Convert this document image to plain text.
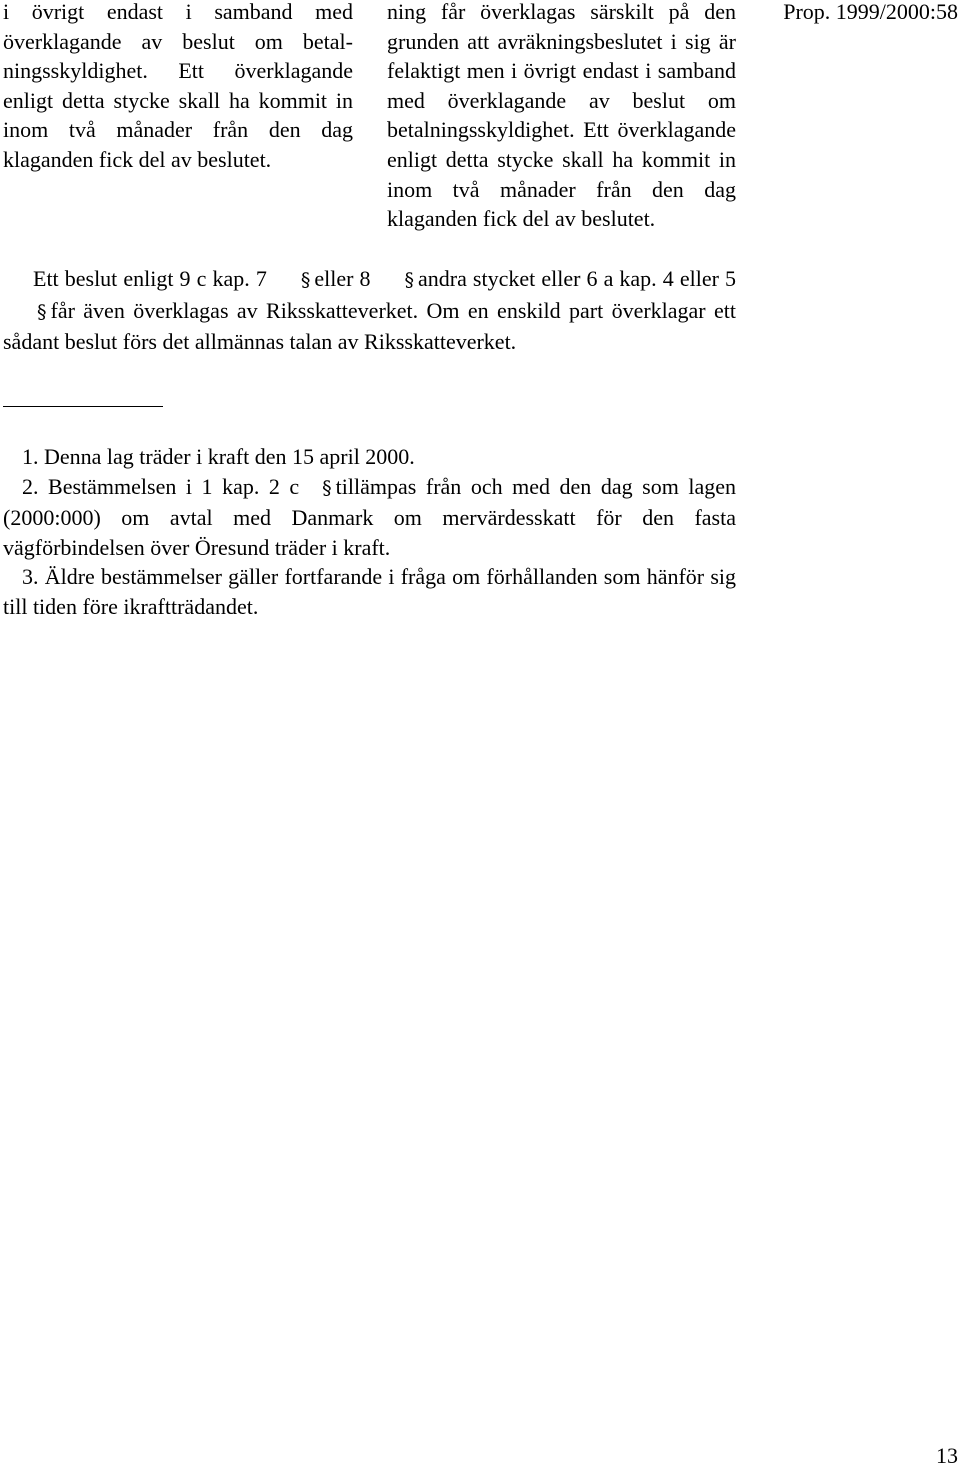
i övrigt endast i samband med överklagande av beslut om betal-ningsskyldighet. Ett överklagande enligt detta stycke skall ha kommit in inom två månader från den dag klaganden fick del av beslutet.
ning får överklagas särskilt på den grunden att avräkningsbeslutet i sig är felaktigt men i övrigt endast i samband med överklagande av beslut om betalningsskyldighet. Ett överklagande enligt detta stycke skall ha kommit in inom två månader från den dag klaganden fick del av beslutet.
Prop. 1999/2000:58
Ett beslut enligt 9 c kap. 7 § eller 8 § andra stycket eller 6 a kap. 4 eller 5§ får även överklagas av Riksskatteverket. Om en enskild part överklagar ett sådant beslut förs det allmännas talan av Riksskatteverket.

1. Denna lag träder i kraft den 15 april 2000.

2. Bestämmelsen i 1 kap. 2 c § tillämpas från och med den dag som lagen (2000:000) om avtal med Danmark om mervärdesskatt för den fasta vägförbindelsen över Öresund träder i kraft.

3. Äldre bestämmelser gäller fortfarande i fråga om förhållanden som hänför sig till tiden före ikraftträdandet.

13
